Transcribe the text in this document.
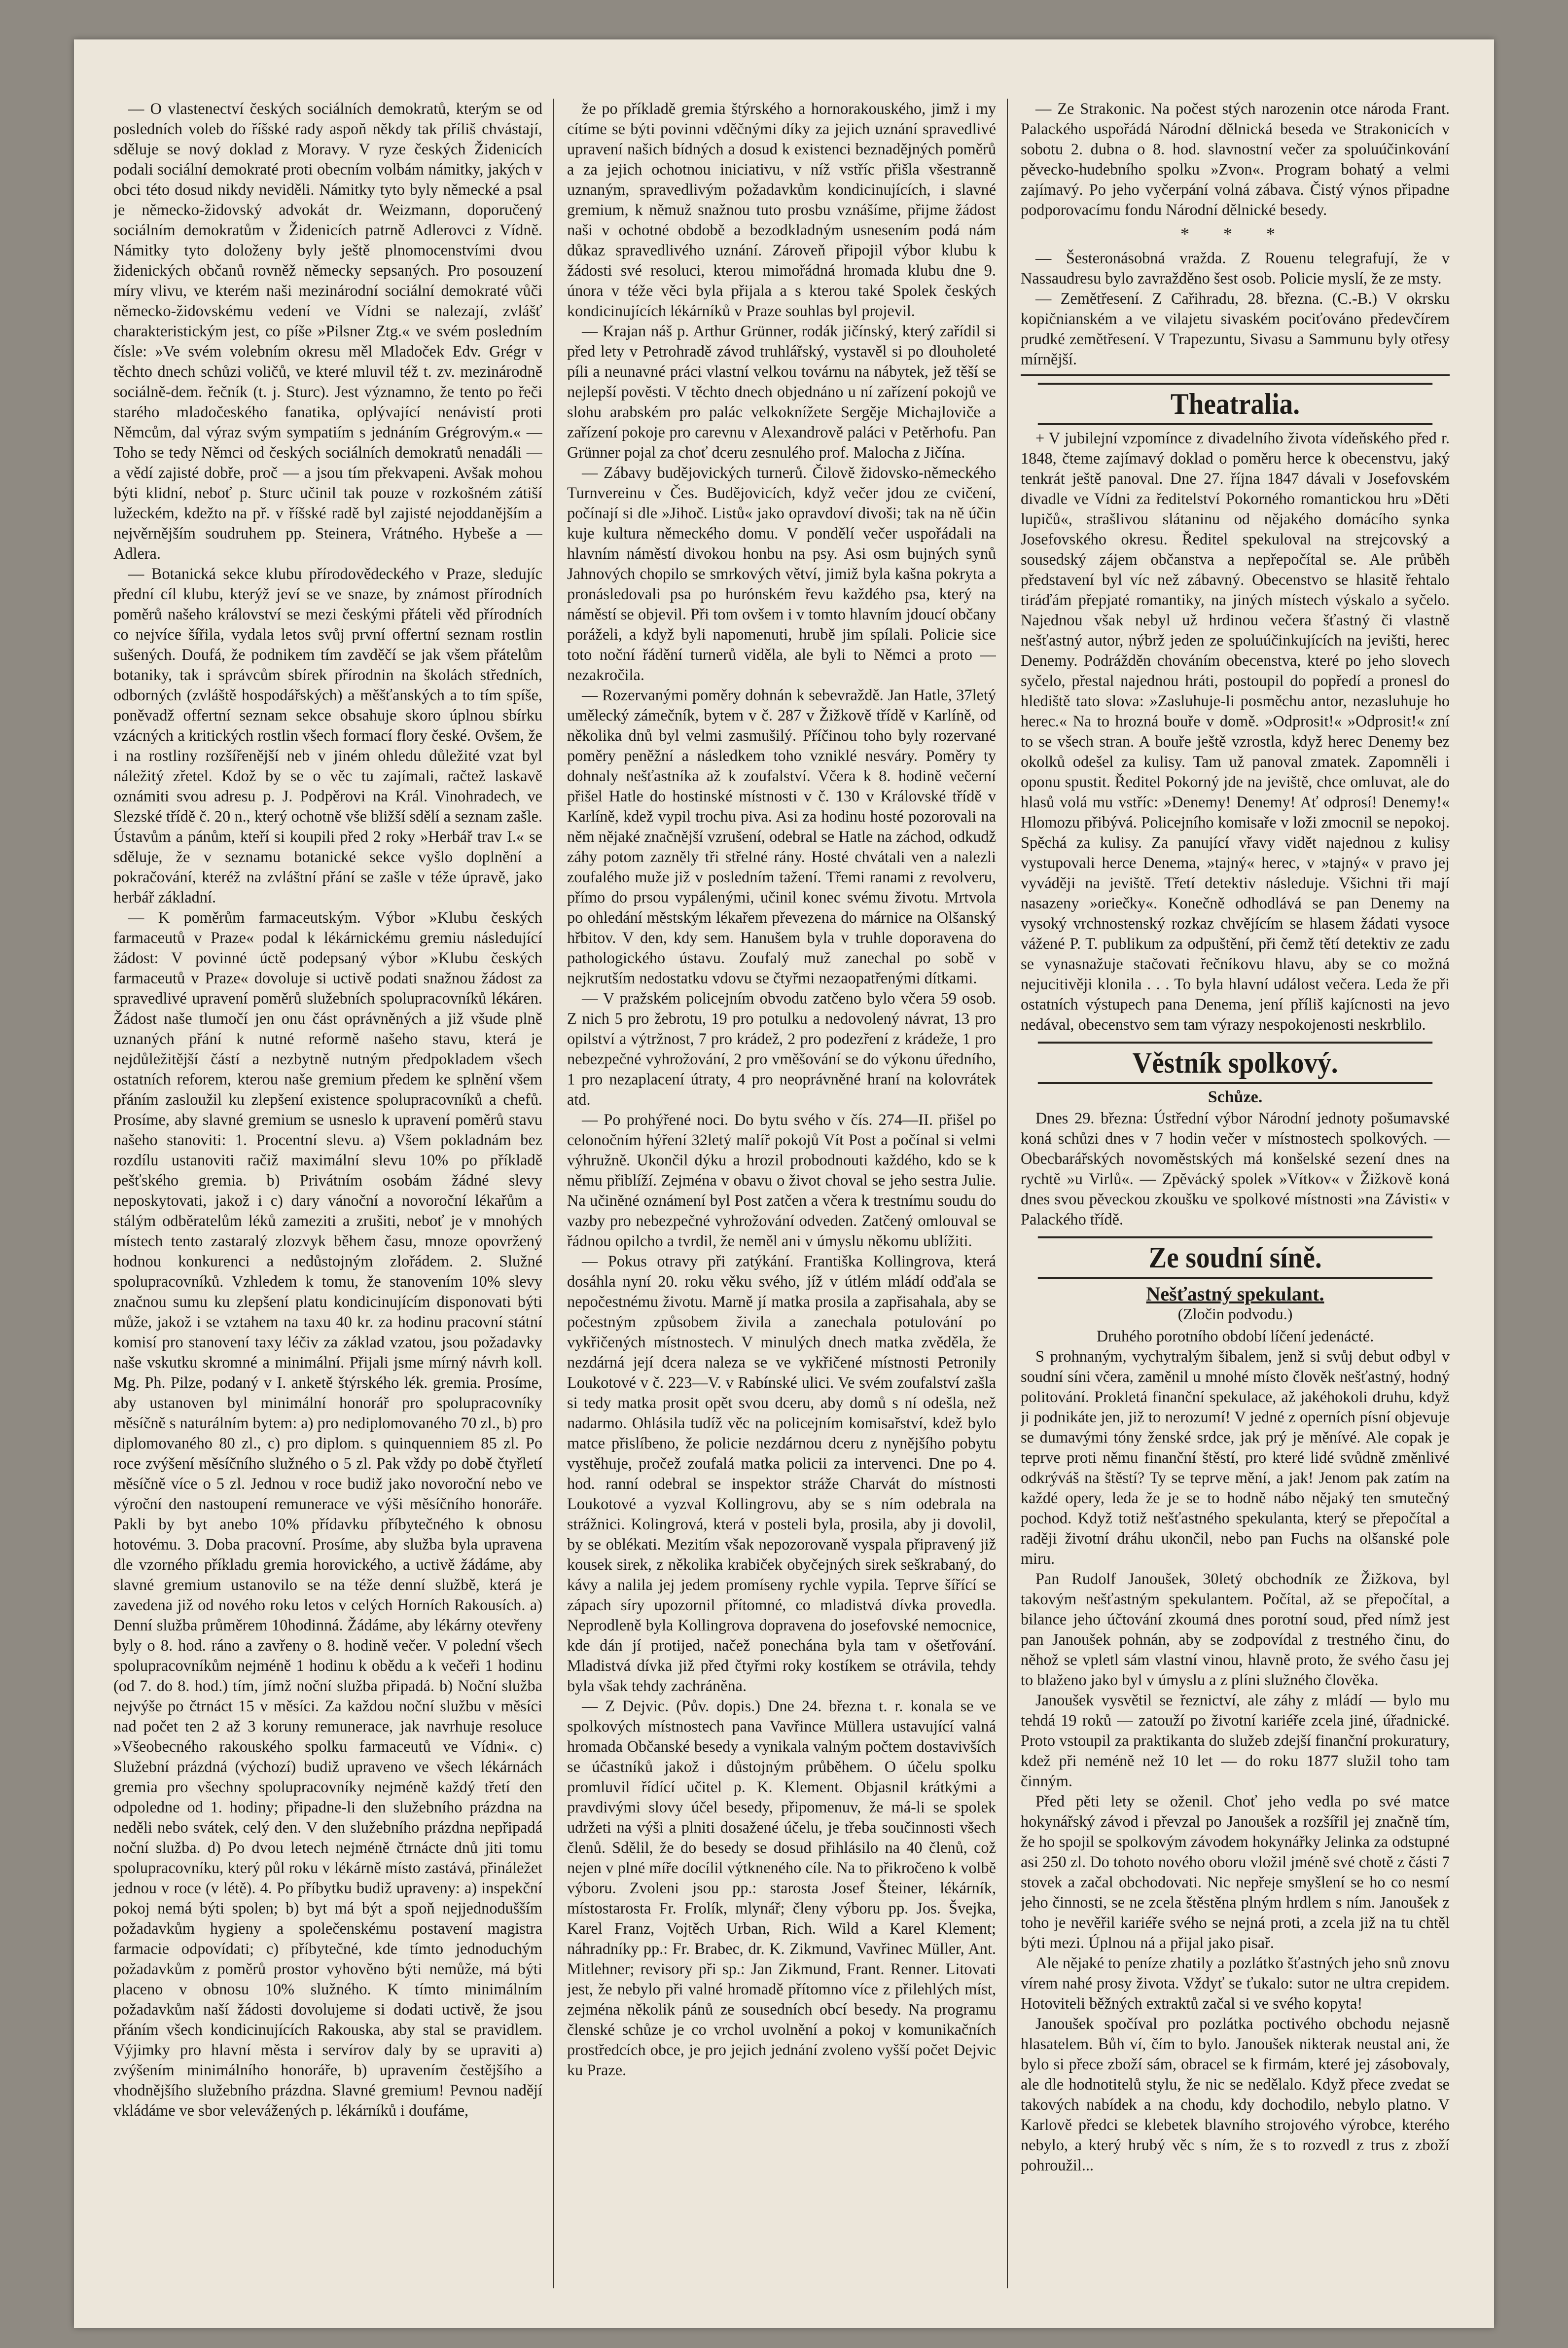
— O vlastenectví českých sociálních demokratů, kterým se od posledních voleb do říšské rady aspoň někdy tak příliš chvástají, sděluje se nový doklad z Moravy. V ryze českých Židenicích podali sociální demokraté proti obecním volbám námitky, jakých v obci této dosud nikdy neviděli. Námitky tyto byly německé a psal je německo-židovský advokát dr. Weizmann, doporučený sociálním demokratům v Židenicích patrně Adlerovci z Vídně. Námitky tyto doloženy byly ještě plnomocenstvími dvou židenických občanů rovněž německy sepsaných. Pro posouzení míry vlivu, ve kterém naši mezinárodní sociální demokraté vůči německo-židovskému vedení ve Vídni se nalezají, zvlášť charakteristickým jest, co píše »Pilsner Ztg.« ve svém posledním čísle: »Ve svém volebním okresu měl Mladoček Edv. Grégr v těchto dnech schůzi voličů, ve které mluvil též t. zv. mezinárodně sociálně-dem. řečník (t. j. Sturc). Jest významno, že tento po řeči starého mladočeského fanatika, oplývající nenávistí proti Němcům, dal výraz svým sympatiím s jednáním Grégrovým.« — Toho se tedy Němci od českých sociálních demokratů nenadáli — a vědí zajisté dobře, proč — a jsou tím překvapeni. Avšak mohou býti klidní, neboť p. Sturc učinil tak pouze v rozkošném zátiší lužeckém, kdežto na př. v říšské radě byl zajisté nejoddanějším a nejvěrnějším soudruhem pp. Steinera, Vrátného. Hybeše a — Adlera.

— Botanická sekce klubu přírodovědeckého v Praze, sledujíc přední cíl klubu, kterýž jeví se ve snaze, by známost přírodních poměrů našeho království se mezi českými přáteli věd přírodních co nejvíce šířila, vydala letos svůj první offertní seznam rostlin sušených. Doufá, že podnikem tím zavděčí se jak všem přátelům botaniky, tak i správcům sbírek přírodnin na školách středních, odborných (zvláště hospodářských) a měšťanských a to tím spíše, poněvadž offertní seznam sekce obsahuje skoro úplnou sbírku vzácných a kritických rostlin všech formací flory české. Ovšem, že i na rostliny rozšířenější neb v jiném ohledu důležité vzat byl náležitý zřetel. Kdož by se o věc tu zajímali, račtež laskavě oznámiti svou adresu p. J. Podpěrovi na Král. Vinohradech, ve Slezské třídě č. 20 n., který ochotně vše bližší sdělí a seznam zašle. Ústavům a pánům, kteří si koupili před 2 roky »Herbář trav I.« se sděluje, že v seznamu botanické sekce vyšlo doplnění a pokračování, kteréž na zvláštní přání se zašle v téže úpravě, jako herbář základní.

— K poměrům farmaceutským. Výbor »Klubu českých farmaceutů v Praze« podal k lékárnickému gremiu následující žádost: V povinné úctě podepsaný výbor »Klubu českých farmaceutů v Praze« dovoluje si uctivě podati snažnou žádost za spravedlivé upravení poměrů služebních spolupracovníků lékáren. Žádost naše tlumočí jen onu část oprávněných a již všude plně uznaných přání k nutné reformě našeho stavu, která je nejdůležitější částí a nezbytně nutným předpokladem všech ostatních reforem, kterou naše gremium předem ke splnění všem přáním zasloužil ku zlepšení existence spolupracovníků a chefů. Prosíme, aby slavné gremium se usneslo k upravení poměrů stavu našeho stanoviti: 1. Procentní slevu. a) Všem pokladnám bez rozdílu ustanoviti račiž maximální slevu 10% po příkladě pešťského gremia. b) Privátním osobám žádné slevy neposkytovati, jakož i c) dary vánoční a novoroční lékařům a stálým odběratelům léků zameziti a zrušiti, neboť je v mnohých místech tento zastaralý zlozvyk během času, mnoze opovržený hodnou konkurenci a nedůstojným zlořádem. 2. Služné spolupracovníků. Vzhledem k tomu, že stanovením 10% slevy značnou sumu ku zlepšení platu kondicinujícím disponovati býti může, jakož i se vztahem na taxu 40 kr. za hodinu pracovní státní komisí pro stanovení taxy léčiv za základ vzatou, jsou požadavky naše vskutku skromné a minimální. Přijali jsme mírný návrh koll. Mg. Ph. Pilze, podaný v I. anketě štýrského lék. gremia. Prosíme, aby ustanoven byl minimální honorář pro spolupracovníky měsíčně s naturálním bytem: a) pro nediplomovaného 70 zl., b) pro diplomovaného 80 zl., c) pro diplom. s quinquenniem 85 zl. Po roce zvýšení měsíčního služného o 5 zl. Pak vždy po době čtyřletí měsíčně více o 5 zl. Jednou v roce budiž jako novoroční nebo ve výroční den nastoupení remunerace ve výši měsíčního honoráře. Pakli by byt anebo 10% přídavku příbytečného k obnosu hotovému. 3. Doba pracovní. Prosíme, aby služba byla upravena dle vzorného příkladu gremia horovického, a uctivě žádáme, aby slavné gremium ustanovilo se na téže denní službě, která je zavedena již od nového roku letos v celých Horních Rakousích. a) Denní služba průměrem 10hodinná. Žádáme, aby lékárny otevřeny byly o 8. hod. ráno a zavřeny o 8. hodině večer. V polední všech spolupracovníkům nejméně 1 hodinu k obědu a k večeři 1 hodinu (od 7. do 8. hod.) tím, jímž noční služba připadá. b) Noční služba nejvýše po čtrnáct 15 v měsíci. Za každou noční službu v měsíci nad počet ten 2 až 3 koruny remunerace, jak navrhuje resoluce »Všeobecného rakouského spolku farmaceutů ve Vídni«. c) Služební prázdná (výchozí) budiž upraveno ve všech lékárnách gremia pro všechny spolupracovníky nejméně každý třetí den odpoledne od 1. hodiny; připadne-li den služebního prázdna na neděli nebo svátek, celý den. V den služebního prázdna nepřipadá noční služba. d) Po dvou letech nejméně čtrnácte dnů jiti tomu spolupracovníku, který půl roku v lékárně místo zastává, přináležet jednou v roce (v létě). 4. Po příbytku budiž upraveny: a) inspekční pokoj nemá býti spolen; b) byt má být a spoň nejjednodušším požadavkům hygieny a společenskému postavení magistra farmacie odpovídati; c) příbytečné, kde tímto jednoduchým požadavkům z poměrů prostor vyhověno býti nemůže, má býti placeno v obnosu 10% služného. K tímto minimálním požadavkům naší žádosti dovolujeme si dodati uctivě, že jsou přáním všech kondicinujících Rakouska, aby stal se pravidlem. Výjimky pro hlavní města i servírov daly by se upraviti a) zvýšením minimálního honoráře, b) upravením čestějšího a vhodnějšího služebního prázdna. Slavné gremium! Pevnou nadějí vkládáme ve sbor velevážených p. lékárníků i doufáme,

že po příkladě gremia štýrského a hornorakouského, jimž i my cítíme se býti povinni vděčnými díky za jejich uznání spravedlivé upravení našich bídných a dosud k existenci beznadějných poměrů a za jejich ochotnou iniciativu, v níž vstříc přišla všestranně uznaným, spravedlivým požadavkům kondicinujících, i slavné gremium, k němuž snažnou tuto prosbu vznášíme, přijme žádost naši v ochotné obdobě a bezodkladným usnesením podá nám důkaz spravedlivého uznání. Zároveň připojil výbor klubu k žádosti své resoluci, kterou mimořádná hromada klubu dne 9. února v téže věci byla přijala a s kterou také Spolek českých kondicinujících lékárníků v Praze souhlas byl projevil.

— Krajan náš p. Arthur Grünner, rodák jičínský, který zařídil si před lety v Petrohradě závod truhlářský, vystavěl si po dlouholeté píli a neunavné práci vlastní velkou továrnu na nábytek, jež těší se nejlepší pověsti. V těchto dnech objednáno u ní zařízení pokojů ve slohu arabském pro palác velkoknížete Sergěje Michajloviče a zařízení pokoje pro carevnu v Alexandrově paláci v Petěrhofu. Pan Grünner pojal za choť dceru zesnulého prof. Malocha z Jičína.

— Zábavy budějovických turnerů. Čilově židovsko-německého Turnvereinu v Čes. Budějovicích, když večer jdou ze cvičení, počínají si dle »Jihoč. Listů« jako opravdoví divoši; tak na ně účin kuje kultura německého domu. V pondělí večer uspořádali na hlavním náměstí divokou honbu na psy. Asi osm bujných synů Jahnových chopilo se smrkových větví, jimiž byla kašna pokryta a pronásledovali psa po hurónském řevu každého psa, který na náměstí se objevil. Při tom ovšem i v tomto hlavním jdoucí občany poráželi, a když byli napomenuti, hrubě jim spílali. Policie sice toto noční řádění turnerů viděla, ale byli to Němci a proto — nezakročila.

— Rozervanými poměry dohnán k sebevraždě. Jan Hatle, 37letý umělecký zámečník, bytem v č. 287 v Žižkově třídě v Karlíně, od několika dnů byl velmi zasmušilý. Příčinou toho byly rozervané poměry peněžní a následkem toho vzniklé nesváry. Poměry ty dohnaly nešťastníka až k zoufalství. Včera k 8. hodině večerní přišel Hatle do hostinské místnosti v č. 130 v Královské třídě v Karlíně, kdež vypil trochu piva. Asi za hodinu hosté pozorovali na něm nějaké značnější vzrušení, odebral se Hatle na záchod, odkudž záhy potom zazněly tři střelné rány. Hosté chvátali ven a nalezli zoufalého muže již v posledním tažení. Třemi ranami z revolveru, přímo do prsou vypálenými, učinil konec svému životu. Mrtvola po ohledání městským lékařem převezena do márnice na Olšanský hřbitov. V den, kdy sem. Hanušem byla v truhle doporavena do pathologického ústavu. Zoufalý muž zanechal po sobě v nejkrutším nedostatku vdovu se čtyřmi nezaopatřenými dítkami.

— V pražském policejním obvodu zatčeno bylo včera 59 osob. Z nich 5 pro žebrotu, 19 pro potulku a nedovolený návrat, 13 pro opilství a výtržnost, 7 pro krádež, 2 pro podezření z krádeže, 1 pro nebezpečné vyhrožování, 2 pro vměšování se do výkonu úředního, 1 pro nezaplacení útraty, 4 pro neoprávněné hraní na kolovrátek atd.

— Po prohýřené noci. Do bytu svého v čís. 274—II. přišel po celonočním hýření 32letý malíř pokojů Vít Post a počínal si velmi výhružně. Ukončil dýku a hrozil probodnouti každého, kdo se k němu přiblíží. Zejména v obavu o život choval se jeho sestra Julie. Na učiněné oznámení byl Post zatčen a včera k trestnímu soudu do vazby pro nebezpečné vyhrožování odveden. Zatčený omlouval se řádnou opilcho a tvrdil, že neměl ani v úmyslu někomu ublížiti.

— Pokus otravy při zatýkání. Františka Kollingrova, která dosáhla nyní 20. roku věku svého, jíž v útlém mládí odďala se nepočestnému životu. Marně jí matka prosila a zapřisahala, aby se počestným způsobem živila a zanechala potulování po vykřičených místnostech. V minulých dnech matka zvěděla, že nezdárná její dcera naleza se ve vykřičené místnosti Petronily Loukotové v č. 223—V. v Rabínské ulici. Ve svém zoufalství zašla si tedy matka prosit opět svou dceru, aby domů s ní odešla, než nadarmo. Ohlásila tudíž věc na policejním komisařství, kdež bylo matce přislíbeno, že policie nezdárnou dceru z nynějšího pobytu vystěhuje, pročež zoufalá matka policii za intervenci. Dne po 4. hod. ranní odebral se inspektor stráže Charvát do místnosti Loukotové a vyzval Kollingrovu, aby se s ním odebrala na strážnici. Kolingrová, která v posteli byla, prosila, aby ji dovolil, by se oblékati. Mezitím však nepozorovaně vyspala připravený již kousek sirek, z několika krabiček obyčejných sirek seškrabaný, do kávy a nalila jej jedem promíseny rychle vypila. Teprve šířící se zápach síry upozornil přítomné, co mladistvá dívka provedla. Neprodleně byla Kollingrova dopravena do josefovské nemocnice, kde dán jí protijed, načež ponechána byla tam v ošetřování. Mladistvá dívka již před čtyřmi roky kostíkem se otrávila, tehdy byla však tehdy zachráněna.

— Z Dejvic. (Pův. dopis.) Dne 24. března t. r. konala se ve spolkových místnostech pana Vavřince Müllera ustavující valná hromada Občanské besedy a vynikala valným počtem dostavivších se účastníků jakož i důstojným průběhem. O účelu spolku promluvil řídící učitel p. K. Klement. Objasnil krátkými a pravdivými slovy účel besedy, připomenuv, že má-li se spolek udržeti na výši a plniti dosažené účelu, je třeba součinnosti všech členů. Sdělil, že do besedy se dosud přihlásilo na 40 členů, což nejen v plné míře docílil výtkneného cíle. Na to přikročeno k volbě výboru. Zvoleni jsou pp.: starosta Josef Šteiner, lékárník, místostarosta Fr. Frolík, mlynář; členy výboru pp. Jos. Švejka, Karel Franz, Vojtěch Urban, Rich. Wild a Karel Klement; náhradníky pp.: Fr. Brabec, dr. K. Zikmund, Vavřinec Müller, Ant. Mitlehner; revisory při sp.: Jan Zikmund, Frant. Renner. Litovati jest, že nebylo při valné hromadě přítomno více z přilehlých míst, zejména několik pánů ze sousedních obcí besedy. Na programu členské schůze je co vrchol uvolnění a pokoj v komunikačních prostředcích obce, je pro jejich jednání zvoleno vyšší počet Dejvic ku Praze.

— Ze Strakonic. Na počest stých narozenin otce národa Frant. Palackého uspořádá Národní dělnická beseda ve Strakonicích v sobotu 2. dubna o 8. hod. slavnostní večer za spoluúčinkování pěvecko-hudebního spolku »Zvon«. Program bohatý a velmi zajímavý. Po jeho vyčerpání volná zábava. Čistý výnos připadne podporovacímu fondu Národní dělnické besedy.

* * *

— Šesteronásobná vražda. Z Rouenu telegrafují, že v Nassaudresu bylo zavražděno šest osob. Policie myslí, že ze msty.

— Zemětřesení. Z Cařihradu, 28. března. (C.-B.) V okrsku kopičnianském a ve vilajetu sivaském pociťováno předevčírem prudké zemětřesení. V Trapezuntu, Sivasu a Sammunu byly otřesy mírnější.

Theatralia.

+ V jubilejní vzpomínce z divadelního života vídeňského před r. 1848, čteme zajímavý doklad o poměru herce k obecenstvu, jaký tenkrát ještě panoval. Dne 27. října 1847 dávali v Josefovském divadle ve Vídni za ředitelství Pokorného romantickou hru »Děti lupičů«, strašlivou slátaninu od nějakého domácího synka Josefovského okresu. Ředitel spekuloval na strejcovský a sousedský zájem občanstva a nepřepočítal se. Ale průběh představení byl víc než zábavný. Obecenstvo se hlasitě řehtalo tiráďám přepjaté romantiky, na jiných místech výskalo a syčelo. Najednou však nebyl už hrdinou večera šťastný či vlastně nešťastný autor, nýbrž jeden ze spoluúčinkujících na jevišti, herec Denemy. Podrážděn chováním obecenstva, které po jeho slovech syčelo, přestal najednou hráti, postoupil do popředí a pronesl do hlediště tato slova: »Zasluhuje-li posměchu antor, nezasluhuje ho herec.« Na to hrozná bouře v domě. »Odprosit!« »Odprosit!« zní to se všech stran. A bouře ještě vzrostla, když herec Denemy bez okolků odešel za kulisy. Tam už panoval zmatek. Zapomněli i oponu spustit. Ředitel Pokorný jde na jeviště, chce omluvat, ale do hlasů volá mu vstříc: »Denemy! Denemy! Ať odprosí! Denemy!« Hlomozu přibývá. Policejního komisaře v loži zmocnil se nepokoj. Spěchá za kulisy. Za panující vřavy vidět najednou z kulisy vystupovali herce Denema, »tajný« herec, v »tajný« v pravo jej vyváději na jeviště. Třetí detektiv následuje. Všichni tři mají nasazeny »oriečky«. Konečně odhodlává se pan Denemy na vysoký vrchnostenský rozkaz chvějícím se hlasem žádati vysoce vážené P. T. publikum za odpuštění, při čemž tětí detektiv ze zadu se vynasnažuje stačovati řečníkovu hlavu, aby se co možná nejucitivěji klonila . . . To byla hlavní událost večera. Leda že při ostatních výstupech pana Denema, jení příliš kajícnosti na jevo nedával, obecenstvo sem tam výrazy nespokojenosti neskrblilo.

Věstník spolkový.
Schůze.

Dnes 29. března: Ústřední výbor Národní jednoty pošumavské koná schůzi dnes v 7 hodin večer v místnostech spolkových. — Obecbarářských novoměstských má konšelské sezení dnes na rychtě »u Virlů«. — Zpěvácký spolek »Vítkov« v Žižkově koná dnes svou pěveckou zkoušku ve spolkové místnosti »na Závisti« v Palackého třídě.

Ze soudní síně.
Nešťastný spekulant.
(Zločin podvodu.)

Druhého porotního období líčení jedenácté.

S prohnaným, vychytralým šibalem, jenž si svůj debut odbyl v soudní síni včera, zaměnil u mnohé místo člověk nešťastný, hodný politování. Prokletá finanční spekulace, až jakéhokoli druhu, když ji podnikáte jen, již to nerozumí! V jedné z operních písní objevuje se dumavými tóny ženské srdce, jak prý je měnívé. Ale copak je teprve proti němu finanční štěstí, pro které lidé svůdně změnlivé odkrýváš na štěstí? Ty se teprve mění, a jak! Jenom pak zatím na každé opery, leda že je se to hodně nábo nějaký ten smutečný pochod. Když totiž nešťastného spekulanta, který se přepočítal a raději životní dráhu ukončil, nebo pan Fuchs na olšanské pole miru.

Pan Rudolf Janoušek, 30letý obchodník ze Žižkova, byl takovým nešťastným spekulantem. Počítal, až se přepočítal, a bilance jeho účtování zkoumá dnes porotní soud, před nímž jest pan Janoušek pohnán, aby se zodpovídal z trestného činu, do něhož se vpletl sám vlastní vinou, hlavně proto, že svého času jej to blaženo jako byl v úmyslu a z plíni služného člověka.

Janoušek vysvětil se řeznictví, ale záhy z mládí — bylo mu tehdá 19 roků — zatouží po životní kariéře zcela jiné, úřadnické. Proto vstoupil za praktikanta do služeb zdejší finanční prokuratury, kdež při neméně než 10 let — do roku 1877 služil toho tam činným.

Před pěti lety se oženil. Choť jeho vedla po své matce hokynářský závod i převzal po Janoušek a rozšířil jej značně tím, že ho spojil se spolkovým závodem hokynářky Jelinka za odstupné asi 250 zl. Do tohoto nového oboru vložil jméně své chotě z části 7 stovek a začal obchodovati. Nic nepřeje smyšlení se ho co nesmí jeho činnosti, se ne zcela štěstěna plným hrdlem s ním. Janoušek z toho je nevěřil kariéře svého se nejná proti, a zcela již na tu chtěl býti mezi. Úplnou ná a přijal jako pisař.

Ale nějaké to peníze zhatily a pozlátko šťastných jeho snů znovu vírem nahé prosy života. Vždyť se ťukalo: sutor ne ultra crepidem. Hotoviteli běžných extraktů začal si ve svého kopyta!

Janoušek spočíval pro pozlátka poctivého obchodu nejasně hlasatelem. Bůh ví, čím to bylo. Janoušek nikterak neustal ani, že bylo si přece zboží sám, obracel se k firmám, které jej zásobovaly, ale dle hodnotitelů stylu, že nic se nedělalo. Když přece zvedat se takových nabídek a na chodu, kdy dochodilo, nebylo platno. V Karlově předci se klebetek blavního strojového výrobce, kterého nebylo, a který hrubý věc s ním, že s to rozvedl z trus z zboží pohroužil...
